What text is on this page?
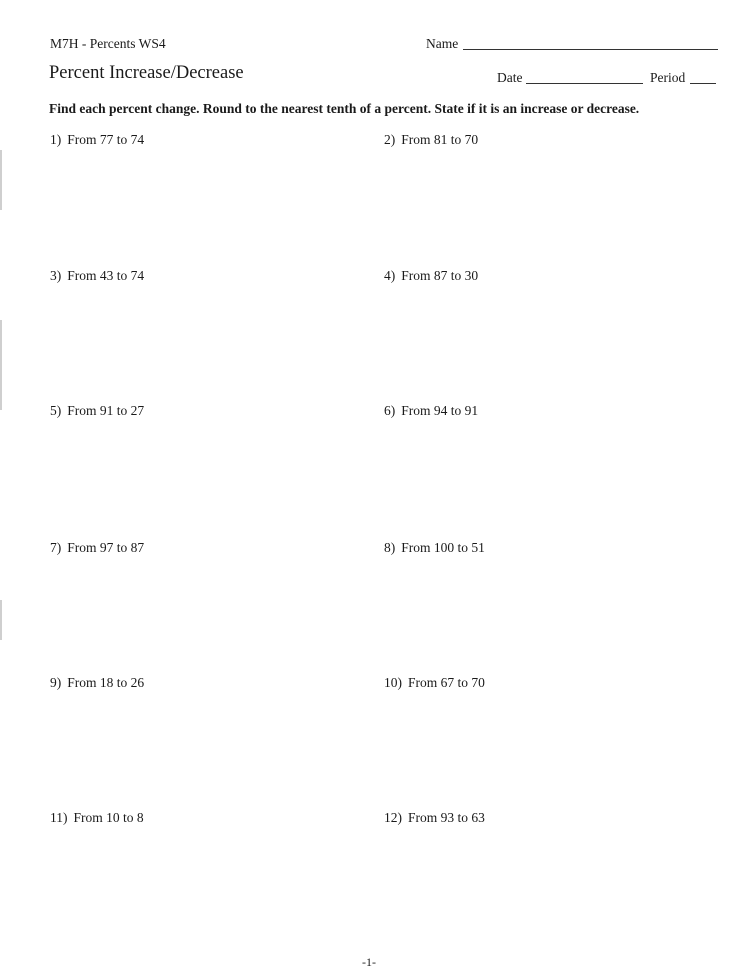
M7H - Percents WS4
Percent Increase/Decrease
Name
Date	Period
Find each percent change. Round to the nearest tenth of a percent. State if it is an increase or decrease.
1) From 77 to 74	2) From 81 to 70
3) From 43 to 74	4) From 87 to 30
5) From 91 to 27	6) From 94 to 91
7) From 97 to 87	8) From 100 to 51
9) From 18 to 26	10) From 67 to 70
11) From 10 to 8	12) From 93 to 63
-1-
